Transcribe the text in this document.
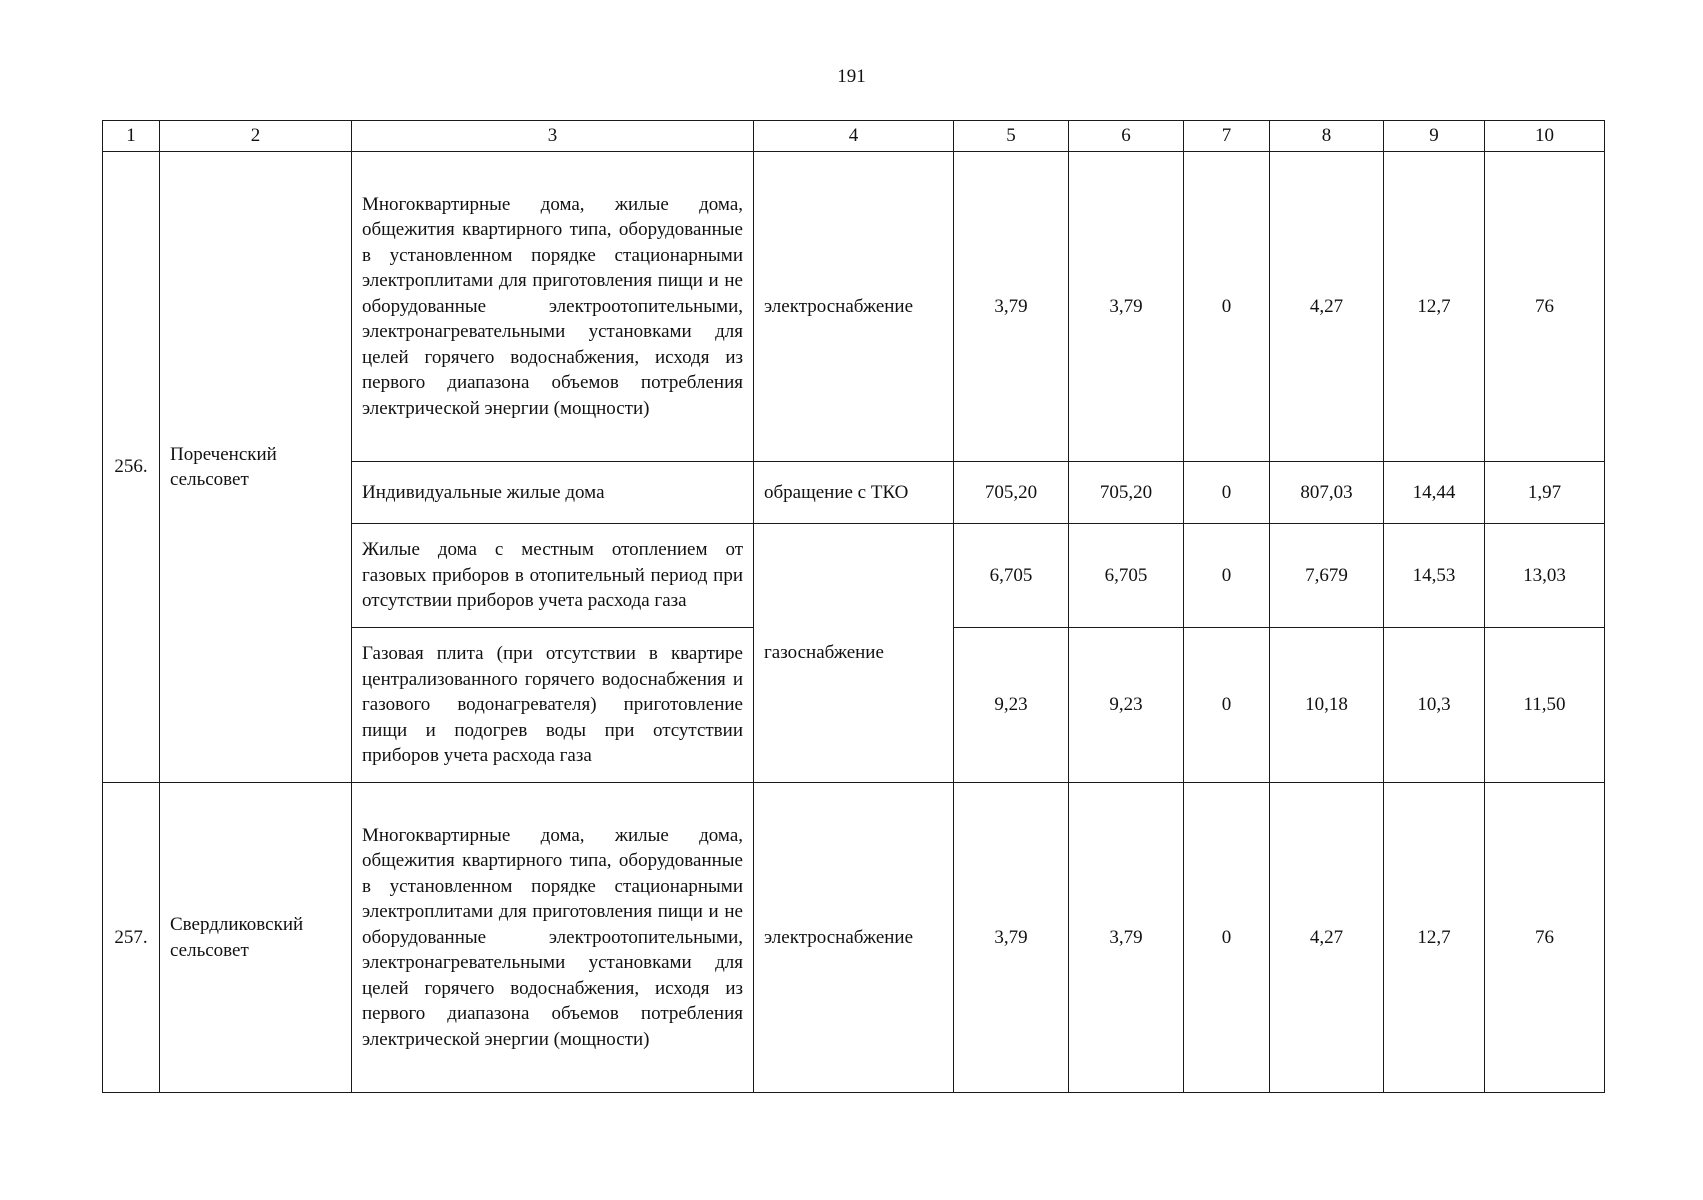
191
1	2	3	4	5	6	7	8	9	10
256.	Пореченский сельсовет	Многоквартирные дома, жилые дома, общежития квартирного типа, оборудованные в установленном порядке стационарными электроплитами для приготовления пищи и не оборудованные электроотопительными, электронагревательными установками для целей горячего водоснабжения, исходя из первого диапазона объемов потребления электрической энергии (мощности)	электроснабжение	3,79	3,79	0	4,27	12,7	76
		Индивидуальные жилые дома	обращение с ТКО	705,20	705,20	0	807,03	14,44	1,97
		Жилые дома с местным отоплением от газовых приборов в отопительный период при отсутствии приборов учета расхода газа	газоснабжение	6,705	6,705	0	7,679	14,53	13,03
		Газовая плита (при отсутствии в квартире централизованного горячего водоснабжения и газового водонагревателя) приготовление пищи и подогрев воды при отсутствии приборов учета расхода газа		9,23	9,23	0	10,18	10,3	11,50
257.	Свердликовский сельсовет	Многоквартирные дома, жилые дома, общежития квартирного типа, оборудованные в установленном порядке стационарными электроплитами для приготовления пищи и не оборудованные электроотопительными, электронагревательными установками для целей горячего водоснабжения, исходя из первого диапазона объемов потребления электрической энергии (мощности)	электроснабжение	3,79	3,79	0	4,27	12,7	76
